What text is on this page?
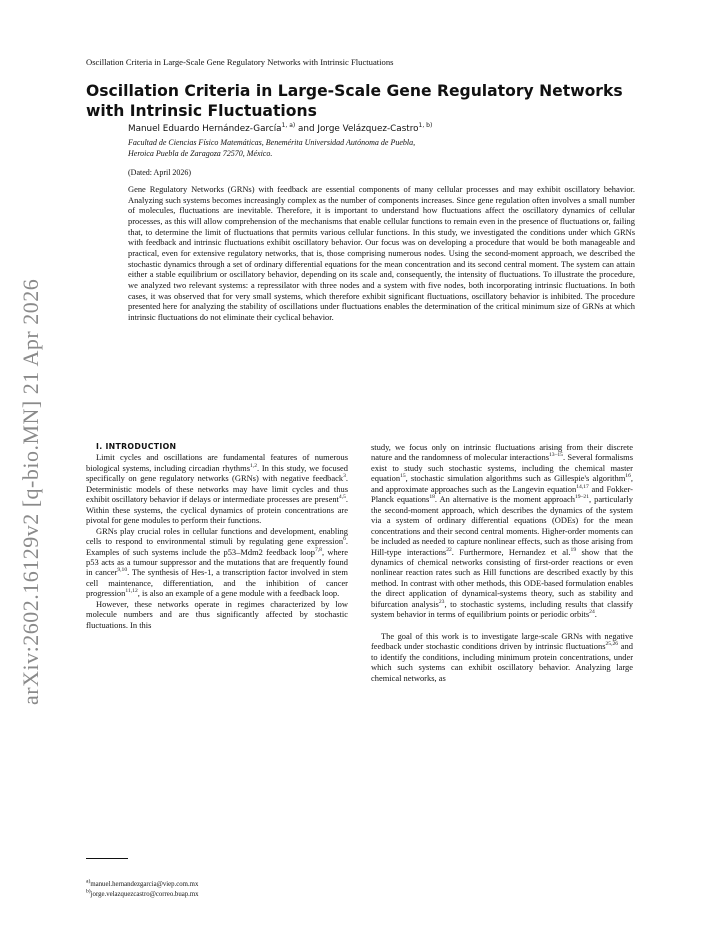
arXiv:2602.16129v2 [q-bio.MN] 21 Apr 2026
Oscillation Criteria in Large-Scale Gene Regulatory Networks with Intrinsic Fluctuations
Oscillation Criteria in Large-Scale Gene Regulatory Networks with Intrinsic Fluctuations
Manuel Eduardo Hernández-García$^{1, a)}$ and Jorge Velázquez-Castro$^{1, b)}$
Facultad de Ciencias Físico Matemáticas, Benemérita Universidad Autónoma de Puebla,
Heroica Puebla de Zaragoza 72570, México.
(Dated: April 2026)

Gene Regulatory Networks (GRNs) with feedback are essential components of many cellular processes and may exhibit oscillatory behavior. Analyzing such systems becomes increasingly complex as the number of components increases. Since gene regulation often involves a small number of molecules, fluctuations are inevitable. Therefore, it is important to understand how fluctuations affect the oscillatory dynamics of cellular processes, as this will allow comprehension of the mechanisms that enable cellular functions to remain even in the presence of fluctuations or, failing that, to determine the limit of fluctuations that permits various cellular functions. In this study, we investigated the conditions under which GRNs with feedback and intrinsic fluctuations exhibit oscillatory behavior. Our focus was on developing a procedure that would be both manageable and practical, even for extensive regulatory networks, that is, those comprising numerous nodes. Using the second-moment approach, we described the stochastic dynamics through a set of ordinary differential equations for the mean concentration and its second central moment. The system can attain either a stable equilibrium or oscillatory behavior, depending on its scale and, consequently, the intensity of fluctuations. To illustrate the procedure, we analyzed two relevant systems: a repressilator with three nodes and a system with five nodes, both incorporating intrinsic fluctuations. In both cases, it was observed that for very small systems, which therefore exhibit significant fluctuations, oscillatory behavior is inhibited. The procedure presented here for analyzing the stability of oscillations under fluctuations enables the determination of the critical minimum size of GRNs at which intrinsic fluctuations do not eliminate their cyclical behavior.

I. INTRODUCTION

Limit cycles and oscillations are fundamental features of numerous biological systems, including circadian rhythms$^{1,2}$. In this study, we focused specifically on gene regulatory networks (GRNs) with negative feedback$^3$. Deterministic models of these networks may have limit cycles and thus exhibit oscillatory behavior if delays or intermediate processes are present$^{4,5}$. Within these systems, the cyclical dynamics of protein concentrations are pivotal for gene modules to perform their functions.

GRNs play crucial roles in cellular functions and development, enabling cells to respond to environmental stimuli by regulating gene expression$^6$. Examples of such systems include the p53–Mdm2 feedback loop$^{7,8}$, where p53 acts as a tumour suppressor and the mutations that are frequently found in cancer$^{9,10}$. The synthesis of Hes-1, a transcription factor involved in stem cell maintenance, differentiation, and the inhibition of cancer progression$^{11,12}$, is also an example of a gene module with a feedback loop.

However, these networks operate in regimes characterized by low molecule numbers and are thus significantly affected by stochastic fluctuations. In this

study, we focus only on intrinsic fluctuations arising from their discrete nature and the randomness of molecular interactions$^{13-15}$. Several formalisms exist to study such stochastic systems, including the chemical master equation$^{15}$, stochastic simulation algorithms such as Gillespie's algorithm$^{16}$, and approximate approaches such as the Langevin equation$^{14,17}$ and Fokker-Planck equations$^{18}$. An alternative is the moment approach$^{19-21}$, particularly the second-moment approach, which describes the dynamics of the system via a system of ordinary differential equations (ODEs) for the mean concentrations and their second central moments. Higher-order moments can be included as needed to capture nonlinear effects, such as those arising from Hill-type interactions$^{22}$. Furthermore, Hernandez et al.$^{19}$ show that the dynamics of chemical networks consisting of first-order reactions or even nonlinear reaction rates such as Hill functions are described exactly by this method. In contrast with other methods, this ODE-based formulation enables the direct application of dynamical-systems theory, such as stability and bifurcation analysis$^{23}$, to stochastic systems, including results that classify system behavior in terms of equilibrium points or periodic orbits$^{24}$.

The goal of this work is to investigate large-scale GRNs with negative feedback under stochastic conditions driven by intrinsic fluctuations$^{25,26}$ and to identify the conditions, including minimum protein concentrations, under which such systems can exhibit oscillatory behavior. Analyzing large chemical networks, as

$^{a)}$manuel.hernandezgarcia@viep.com.mx
$^{b)}$jorge.velazquezcastro@correo.buap.mx
